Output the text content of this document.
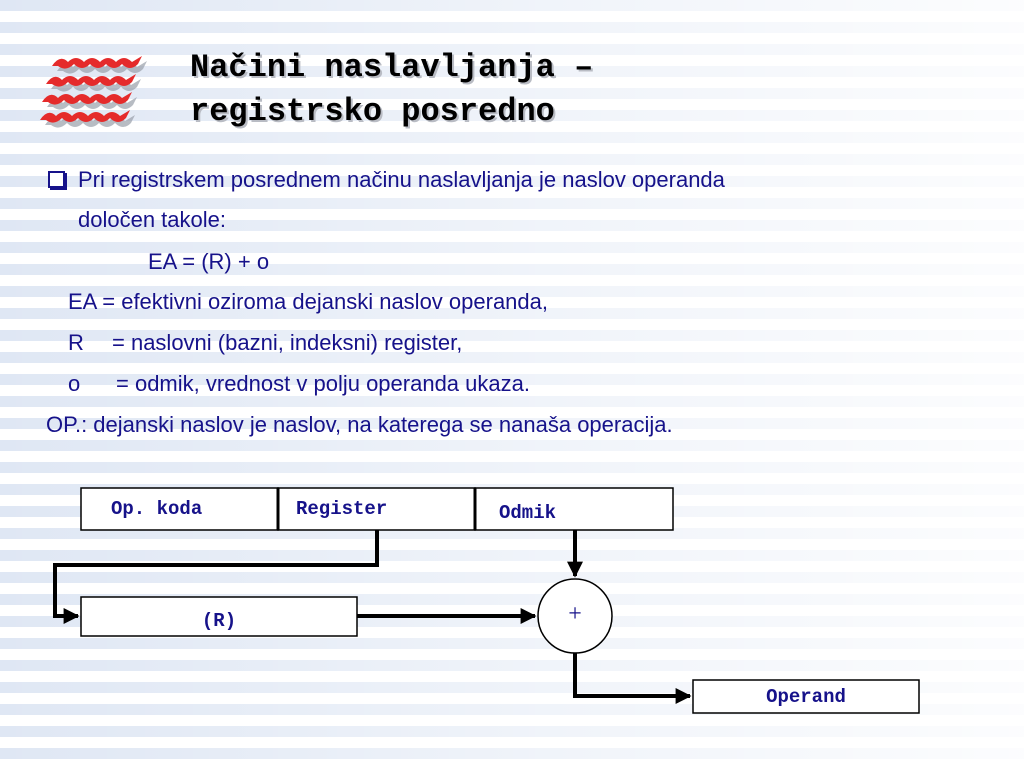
Načini naslavljanja –
registrsko posredno
Pri registrskem posrednem načinu naslavljanja je naslov operanda
določen takole:
EA = (R) + o
EA = efektivni oziroma dejanski naslov operanda,
R = naslovni (bazni, indeksni) register,
o = odmik, vrednost v polju operanda ukaza.
OP.: dejanski naslov je naslov, na katerega se nanaša operacija.
Op. koda	Register	Odmik
(R)	+
Operand
